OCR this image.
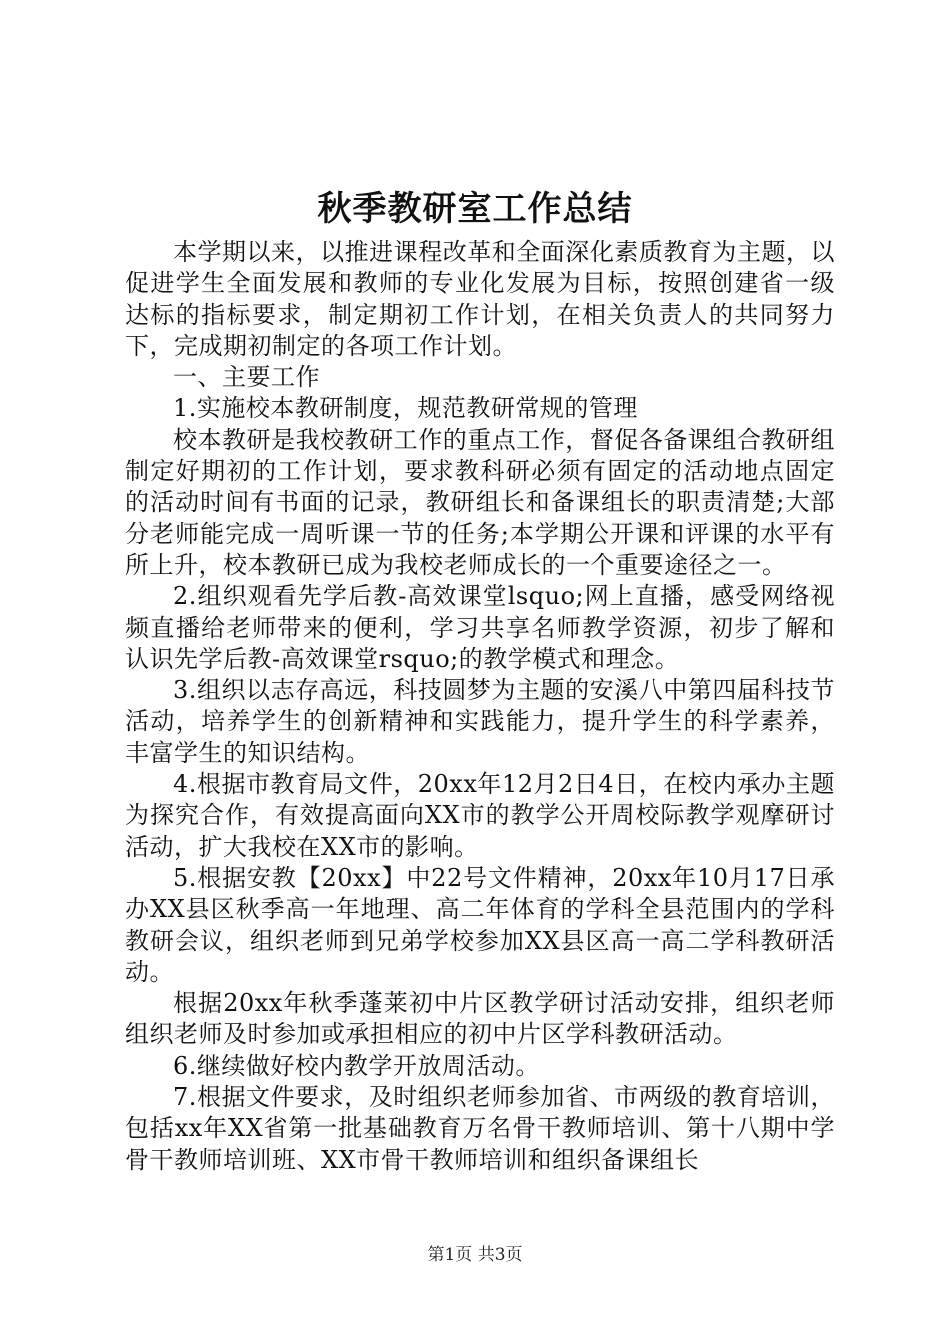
秋季教研室工作总结

本学期以来，以推进课程改革和全面深化素质教育为主题，以促进学生全面发展和教师的专业化发展为目标，按照创建省一级达标的指标要求，制定期初工作计划，在相关负责人的共同努力下，完成期初制定的各项工作计划。

一、主要工作

1.实施校本教研制度，规范教研常规的管理

校本教研是我校教研工作的重点工作，督促各备课组合教研组制定好期初的工作计划，要求教科研必须有固定的活动地点固定的活动时间有书面的记录，教研组长和备课组长的职责清楚;大部分老师能完成一周听课一节的任务;本学期公开课和评课的水平有所上升，校本教研已成为我校老师成长的一个重要途径之一。

2.组织观看先学后教-高效课堂lsquo;网上直播，感受网络视频直播给老师带来的便利，学习共享名师教学资源，初步了解和认识先学后教-高效课堂rsquo;的教学模式和理念。

3.组织以志存高远，科技圆梦为主题的安溪八中第四届科技节活动，培养学生的创新精神和实践能力，提升学生的科学素养，丰富学生的知识结构。

4.根据市教育局文件，20xx年12月2日4日，在校内承办主题为探究合作，有效提高面向XX市的教学公开周校际教学观摩研讨活动，扩大我校在XX市的影响。

5.根据安教【20xx】中22号文件精神，20xx年10月17日承办XX县区秋季高一年地理、高二年体育的学科全县范围内的学科教研会议，组织老师到兄弟学校参加XX县区高一高二学科教研活动。

根据20xx年秋季蓬莱初中片区教学研讨活动安排，组织老师组织老师及时参加或承担相应的初中片区学科教研活动。

6.继续做好校内教学开放周活动。

7.根据文件要求，及时组织老师参加省、市两级的教育培训，包括xx年XX省第一批基础教育万名骨干教师培训、第十八期中学骨干教师培训班、XX市骨干教师培训和组织备课组长

第1页 共3页
